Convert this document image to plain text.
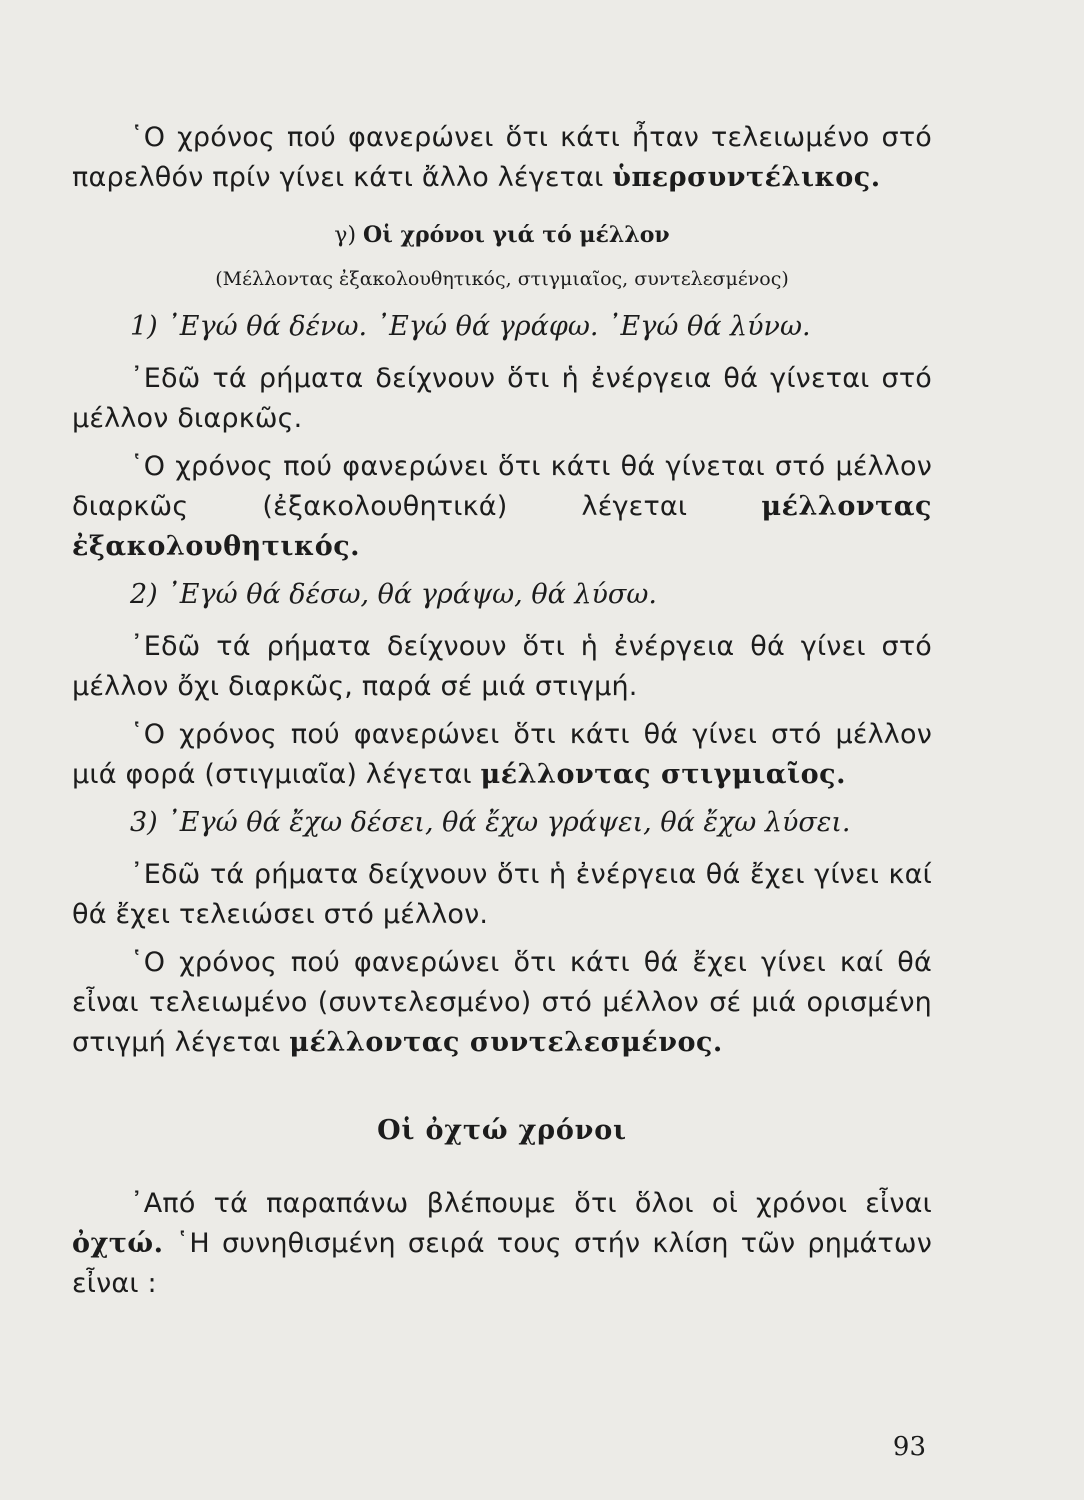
῾Ο χρόνος πού φανερώνει ὅτι κάτι ἦταν τελειωμένο στό παρελθόν πρίν γίνει κάτι ἄλλο λέγεται ὑπερσυντέλικος.

γ) Οἱ χρόνοι γιά τό μέλλον
(Μέλλοντας ἐξακολουθητικός, στιγμιαῖος, συντελεσμένος)
1) ᾿Εγώ θά δένω. ᾿Εγώ θά γράφω. ᾿Εγώ θά λύνω.

᾿Εδῶ τά ρήματα δείχνουν ὅτι ἡ ἐνέργεια θά γίνεται στό μέλλον διαρκῶς.

῾Ο χρόνος πού φανερώνει ὅτι κάτι θά γίνεται στό μέλλον διαρκῶς (ἐξακολουθητικά) λέγεται μέλλοντας ἐξακολουθητικός.

2) ᾿Εγώ θά δέσω, θά γράψω, θά λύσω.

᾿Εδῶ τά ρήματα δείχνουν ὅτι ἡ ἐνέργεια θά γίνει στό μέλλον ὄχι διαρκῶς, παρά σέ μιά στιγμή.

῾Ο χρόνος πού φανερώνει ὅτι κάτι θά γίνει στό μέλλον μιά φορά (στιγμιαῖα) λέγεται μέλλοντας στιγμιαῖος.

3) ᾿Εγώ θά ἔχω δέσει, θά ἔχω γράψει, θά ἔχω λύσει.

᾿Εδῶ τά ρήματα δείχνουν ὅτι ἡ ἐνέργεια θά ἔχει γίνει καί θά ἔχει τελειώσει στό μέλλον.

῾Ο χρόνος πού φανερώνει ὅτι κάτι θά ἔχει γίνει καί θά εἶναι τελειωμένο (συντελεσμένο) στό μέλλον σέ μιά ορισμένη στιγμή λέγεται μέλλοντας συντελεσμένος.

Οἱ ὀχτώ χρόνοι

᾿Από τά παραπάνω βλέπουμε ὅτι ὅλοι οἱ χρόνοι εἶναι ὀχτώ. ῾Η συνηθισμένη σειρά τους στήν κλίση τῶν ρημάτων εἶναι :

93
